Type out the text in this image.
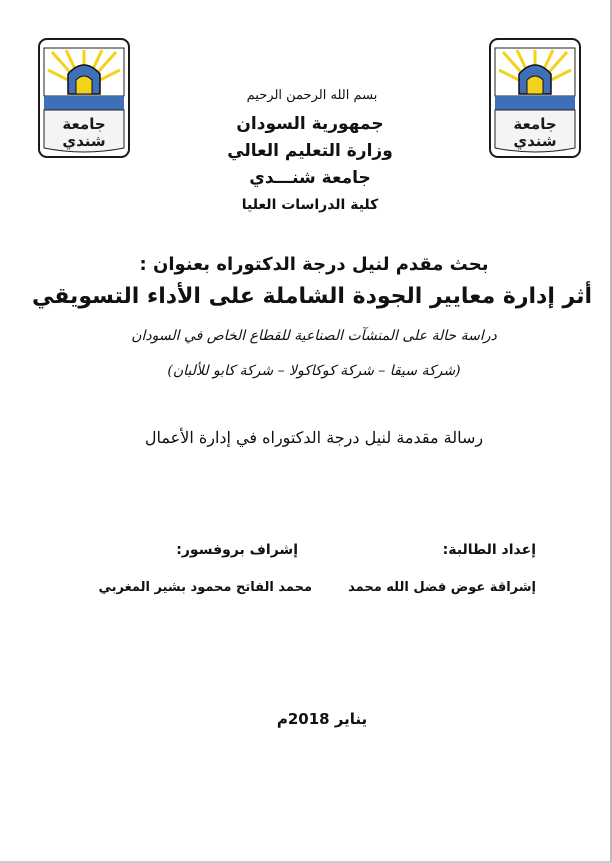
جامعة
شندي
جامعة
شندي
بسم الله الرحمن الرحيم
جمهورية السودان
وزارة التعليم العالي
جامعة شنـــدي
كلية الدراسات العليا
بحث مقدم لنيل درجة الدكتوراه بعنوان :
أثر إدارة معايير الجودة الشاملة على الأداء التسويقي
دراسة حالة على المنشآت الصناعية للقطاع الخاص في السودان
(شركة سيقا – شركة كوكاكولا – شركة كابو للألبان)
رسالة مقدمة لنيل درجة الدكتوراه في إدارة الأعمال
إعداد الطالبة:
إشراقة عوض فضل الله محمد
إشراف بروفسور:
محمد الفاتح محمود بشير المغربي
يناير 2018م
